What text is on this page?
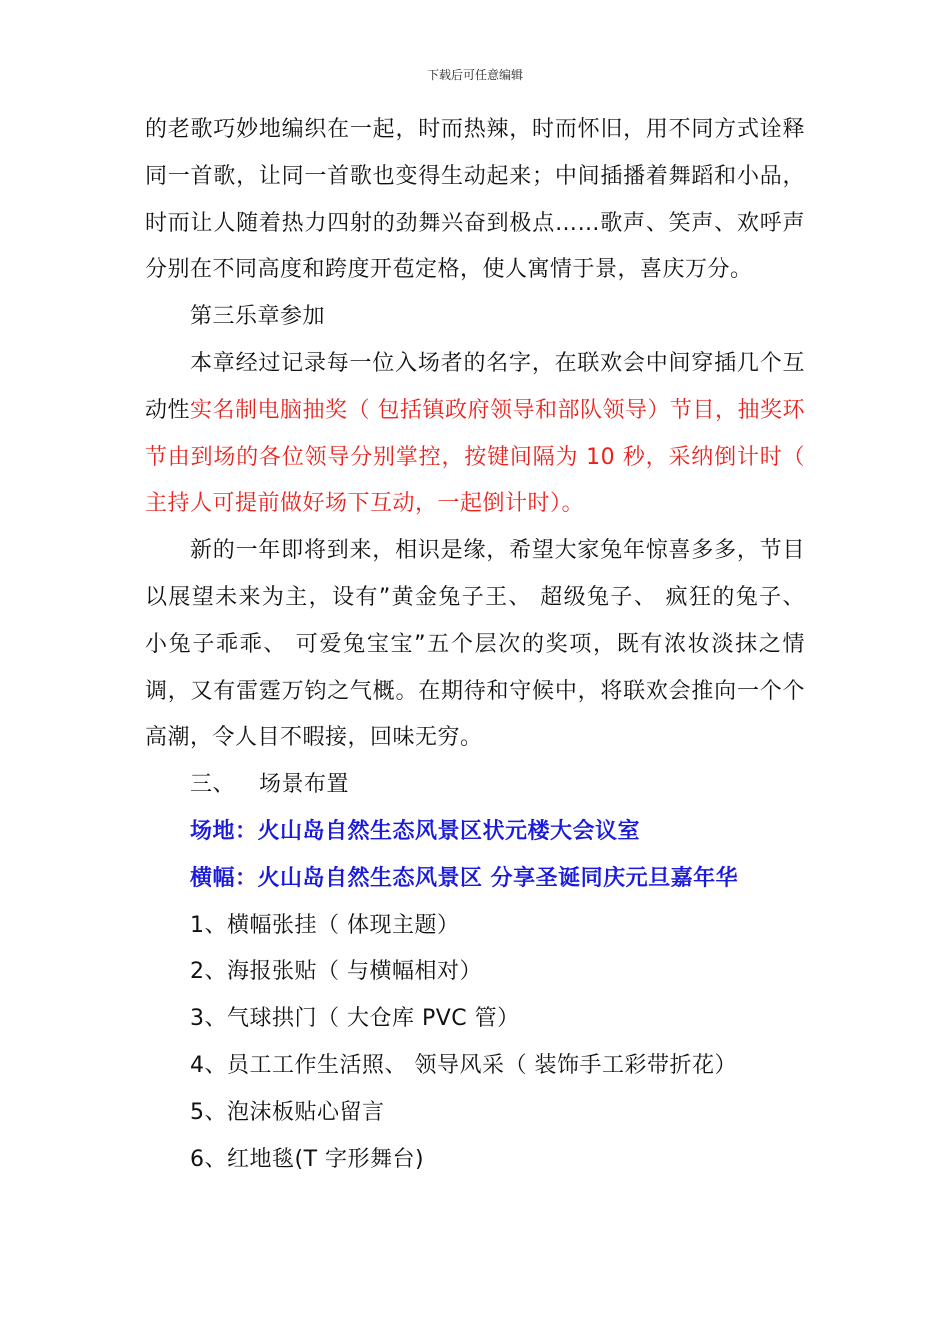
下载后可任意编辑

的老歌巧妙地编织在一起，时而热辣，时而怀旧，用不同方式诠释同一首歌，让同一首歌也变得生动起来；中间插播着舞蹈和小品，时而让人随着热力四射的劲舞兴奋到极点……歌声、笑声、欢呼声分别在不同高度和跨度开苞定格，使人寓情于景，喜庆万分。

第三乐章参加

本章经过记录每一位入场者的名字，在联欢会中间穿插几个互动性实名制电脑抽奖（ 包括镇政府领导和部队领导）节目，抽奖环节由到场的各位领导分别掌控，按键间隔为 10 秒，采纳倒计时（ 主持人可提前做好场下互动，一起倒计时）。

新的一年即将到来，相识是缘，希望大家兔年惊喜多多，节目以展望未来为主，设有”黄金兔子王、 超级兔子、 疯狂的兔子、 小兔子乖乖、 可爱兔宝宝”五个层次的奖项，既有浓妆淡抹之情调，又有雷霆万钧之气概。在期待和守候中，将联欢会推向一个个高潮，令人目不暇接，回味无穷。

三、 场景布置

场地：火山岛自然生态风景区状元楼大会议室

横幅：火山岛自然生态风景区 分享圣诞同庆元旦嘉年华

1、横幅张挂（ 体现主题）

2、海报张贴（ 与横幅相对）

3、气球拱门（ 大仓库 PVC 管）

4、员工工作生活照、 领导风采（ 装饰手工彩带折花）

5、泡沫板贴心留言

6、红地毯(T 字形舞台)
